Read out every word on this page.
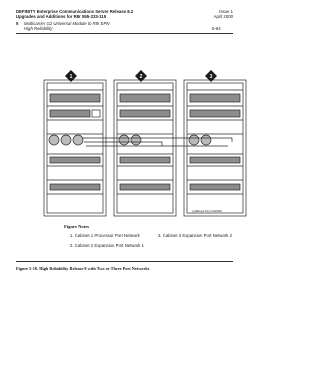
DEFINITY Enterprise Communications Server Release 8.2
Upgrades and Additions for R8r 555-233-115
Issue 1
April 2000
5 Multicarrier G2 Universal Module to R8r EPN
High Reliability	5-64
1	2	3
cydfdup1 KLC 042299
Figure Notes
1. Cabinet 1 Processor Port Network
2. Cabinet 2 Expansion Port Network 1
3. Cabinet 3 Expansion Port Network 2
Figure 5-18. High Reliability Release 8 with Two or Three Port Networks
